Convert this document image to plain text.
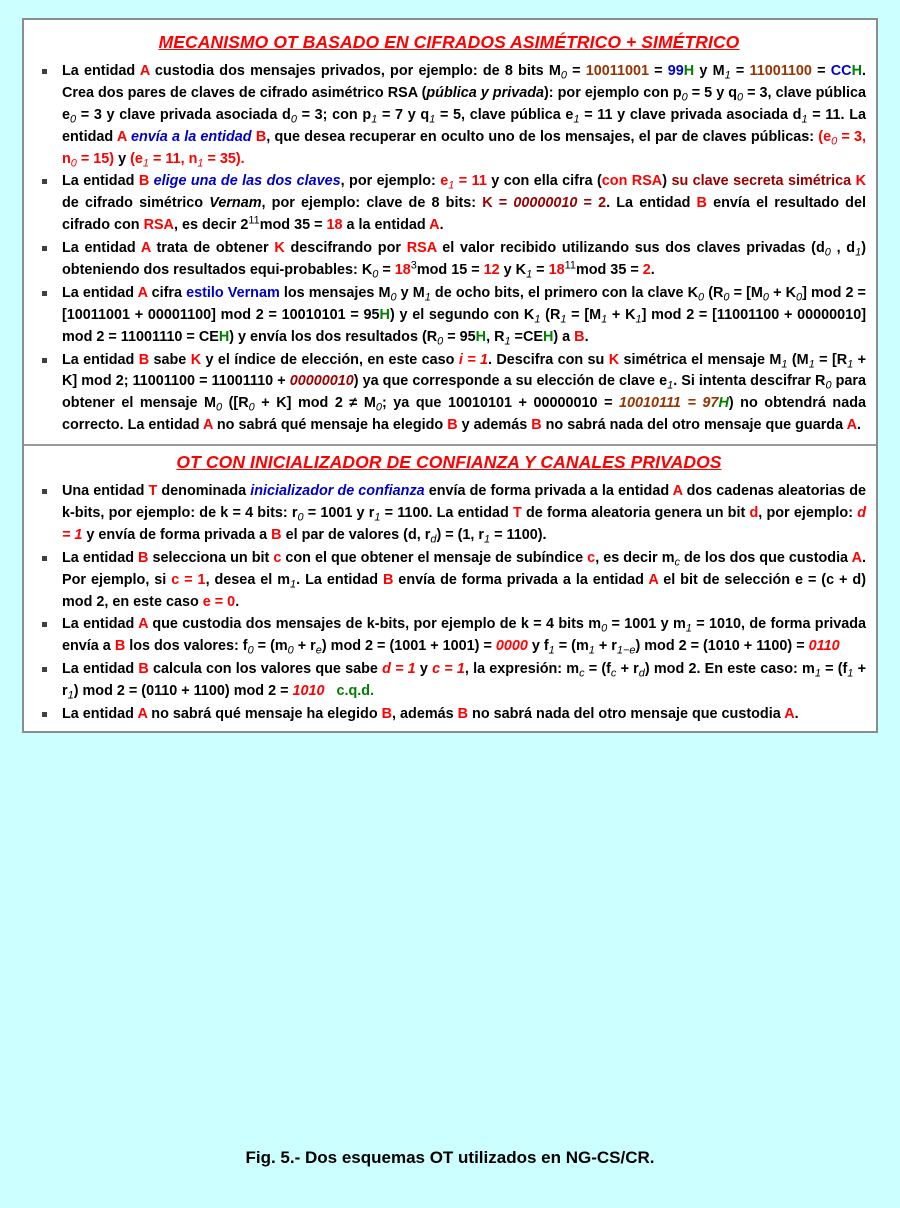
MECANISMO OT BASADO EN CIFRADOS ASIMÉTRICO + SIMÉTRICO
La entidad A custodia dos mensajes privados, por ejemplo: de 8 bits $M_0 = 10011001 = 99H$ y $M_1 = 11001100$ = CCH. Crea dos pares de claves de cifrado asimétrico RSA (pública y privada): por ejemplo con $p_0 = 5$ y $q_0 = 3$, clave pública $e_0 = 3$ y clave privada asociada $d_0 = 3$; con $p_1 = 7$ y $q_1 = 5$, clave pública $e_1 = 11$ y clave privada asociada $d_1 = 11$. La entidad A envía a la entidad B, que desea recuperar en oculto uno de los mensajes, el par de claves públicas: ($e_0 = 3$, $n_0 = 15$) y ($e_1 = 11$, $n_1 = 35$).
La entidad B elige una de las dos claves, por ejemplo: $e_1 = 11$ y con ella cifra (con RSA) su clave secreta simétrica K de cifrado simétrico Vernam, por ejemplo: clave de 8 bits: K = 00000010 = 2. La entidad B envía el resultado del cifrado con RSA, es decir $2^{11}mod$ 35 = 18 a la entidad A.
La entidad A trata de obtener K descifrando por RSA el valor recibido utilizando sus dos claves privadas ($d_0$ , $d_1$) obteniendo dos resultados equi-probables: $K_0 = 18^3mod$ 15 = 12 y $K_1 = 18^{11}mod$ 35 = 2.
La entidad A cifra estilo Vernam los mensajes $M_0$ y $M_1$ de ocho bits, el primero con la clave $K_0$ ($R_0 = [M_0 + K_0]$ mod 2 = [10011001 + 00001100] mod 2 = 10010101 = 95H) y el segundo con $K_1$ ($R_1 = [M_1 + K_1]$ mod 2 = [11001100 + 00000010] mod 2 = 11001110 = CEH) y envía los dos resultados ($R_0 = 95H$, $R_1 =CEH$) a B.
La entidad B sabe K y el índice de elección, en este caso i = 1. Descifra con su K simétrica el mensaje $M_1$ ($M_1 = [R_1 + K]$ mod 2; 11001100 = 11001110 + 00000010) ya que corresponde a su elección de clave $e_1$. Si intenta descifrar $R_0$ para obtener el mensaje $M_0$ ($[R_0 + K]$ mod $2 \ne M_0$; ya que 10010101 + 00000010 = 10010111 = 97H) no obtendrá nada correcto. La entidad A no sabrá qué mensaje ha elegido B y además B no sabrá nada del otro mensaje que guarda A.
OT CON INICIALIZADOR DE CONFIANZA Y CANALES PRIVADOS
Una entidad T denominada inicializador de confianza envía de forma privada a la entidad A dos cadenas aleatorias de k-bits, por ejemplo: de k = 4 bits: $r_0 = 1001$ y $r_1 = 1100$. La entidad T de forma aleatoria genera un bit d, por ejemplo: d = 1 y envía de forma privada a B el par de valores (d, $r_d) = (1$, $r_1 = 1100$).
La entidad B selecciona un bit c con el que obtener el mensaje de subíndice c, es decir $m_c$ de los dos que custodia A. Por ejemplo, si c = 1, desea el $m_1$. La entidad B envía de forma privada a la entidad A el bit de selección e = (c + d) mod 2, en este caso e = 0.
La entidad A que custodia dos mensajes de k-bits, por ejemplo de k = 4 bits $m_0 = 1001$ y $m_1 = 1010$, de forma privada envía a B los dos valores: $f_0 = (m_0 + r_e)$ mod 2 = (1001 + 1001) = 0000 y $f_1 = (m_1 + r_{1-e})$ mod 2 = (1010 + 1100) = 0110
La entidad B calcula con los valores que sabe d = 1 y c = 1, la expresión: $m_c = (f_c + r_d)$ mod 2. En este caso: $m_1 = (f_1 + r_1)$ mod 2 = (0110 + 1100) mod 2 = 1010 c.q.d.
La entidad A no sabrá qué mensaje ha elegido B, además B no sabrá nada del otro mensaje que custodia A.
Fig. 5.- Dos esquemas OT utilizados en NG-CS/CR.
